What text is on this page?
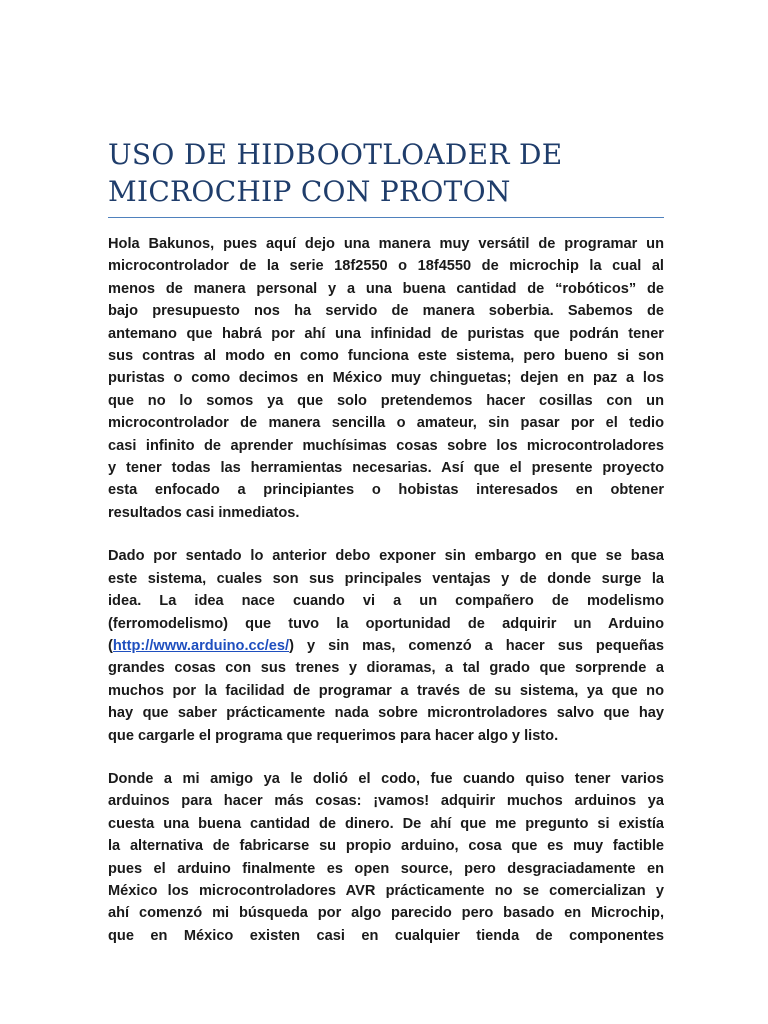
USO DE HIDBOOTLOADER DE
MICROCHIP CON PROTON
Hola Bakunos, pues aquí dejo una manera muy versátil de programar un
microcontrolador de la serie 18f2550 o 18f4550 de microchip la cual al
menos de manera personal y a una buena cantidad de “robóticos” de
bajo presupuesto nos ha servido de manera soberbia. Sabemos de
antemano que habrá por ahí una infinidad de puristas que podrán tener
sus contras al modo en como funciona este sistema, pero bueno si son
puristas o como decimos en México muy chinguetas; dejen en paz a los
que no lo somos ya que solo pretendemos hacer cosillas con un
microcontrolador de manera sencilla o amateur, sin pasar por el tedio
casi infinito de aprender muchísimas cosas sobre los microcontroladores
y tener todas las herramientas necesarias. Así que el presente proyecto
esta enfocado a principiantes o hobistas interesados en obtener
resultados casi inmediatos.
Dado por sentado lo anterior debo exponer sin embargo en que se basa
este sistema, cuales son sus principales ventajas y de donde surge la
idea. La idea nace cuando vi a un compañero de modelismo
(ferromodelismo) que tuvo la oportunidad de adquirir un Arduino
(http://www.arduino.cc/es/) y sin mas, comenzó a hacer sus pequeñas
grandes cosas con sus trenes y dioramas, a tal grado que sorprende a
muchos por la facilidad de programar a través de su sistema, ya que no
hay que saber prácticamente nada sobre microntroladores salvo que hay
que cargarle el programa que requerimos para hacer algo y listo.
Donde a mi amigo ya le dolió el codo, fue cuando quiso tener varios
arduinos para hacer más cosas: ¡vamos! adquirir muchos arduinos ya
cuesta una buena cantidad de dinero. De ahí que me pregunto si existía
la alternativa de fabricarse su propio arduino, cosa que es muy factible
pues el arduino finalmente es open source, pero desgraciadamente en
México los microcontroladores AVR prácticamente no se comercializan y
ahí comenzó mi búsqueda por algo parecido pero basado en Microchip,
que en México existen casi en cualquier tienda de componentes
